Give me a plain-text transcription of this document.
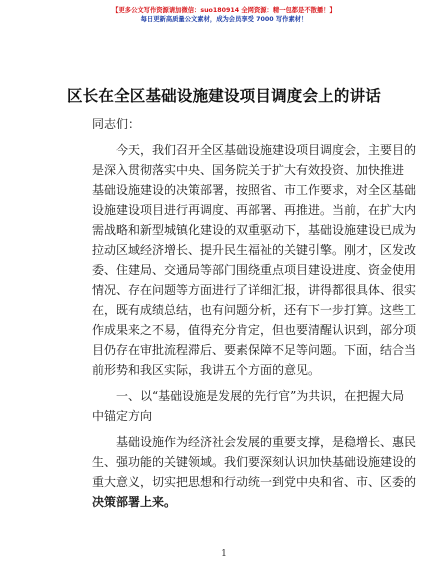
【更多公文写作资源请加微信：suo180914 全网资源：精一包都是不散播！】
每日更新高质量公文素材，成为会员享受 7000 写作素材！
区长在全区基础设施建设项目调度会上的讲话
同志们：
今天，我们召开全区基础设施建设项目调度会，主要目的
是深入贯彻落实中央、国务院关于扩大有效投资、加快推进
基础设施建设的决策部署，按照省、市工作要求，对全区基础
设施建设项目进行再调度、再部署、再推进。当前，在扩大内
需战略和新型城镇化建设的双重驱动下，基础设施建设已成为
拉动区域经济增长、提升民生福祉的关键引擎。刚才，区发改
委、住建局、交通局等部门围绕重点项目建设进度、资金使用
情况、存在问题等方面进行了详细汇报，讲得都很具体、很实
在，既有成绩总结，也有问题分析，还有下一步打算。这些工
作成果来之不易，值得充分肯定，但也要清醒认识到，部分项
目仍存在审批流程滞后、要素保障不足等问题。下面，结合当
前形势和我区实际，我讲五个方面的意见。
一、以“基础设施是发展的先行官”为共识，在把握大局
中锚定方向
基础设施作为经济社会发展的重要支撑，是稳增长、惠民
生、强功能的关键领域。我们要深刻认识加快基础设施建设的
重大意义，切实把思想和行动统一到党中央和省、市、区委的
决策部署上来。
1
